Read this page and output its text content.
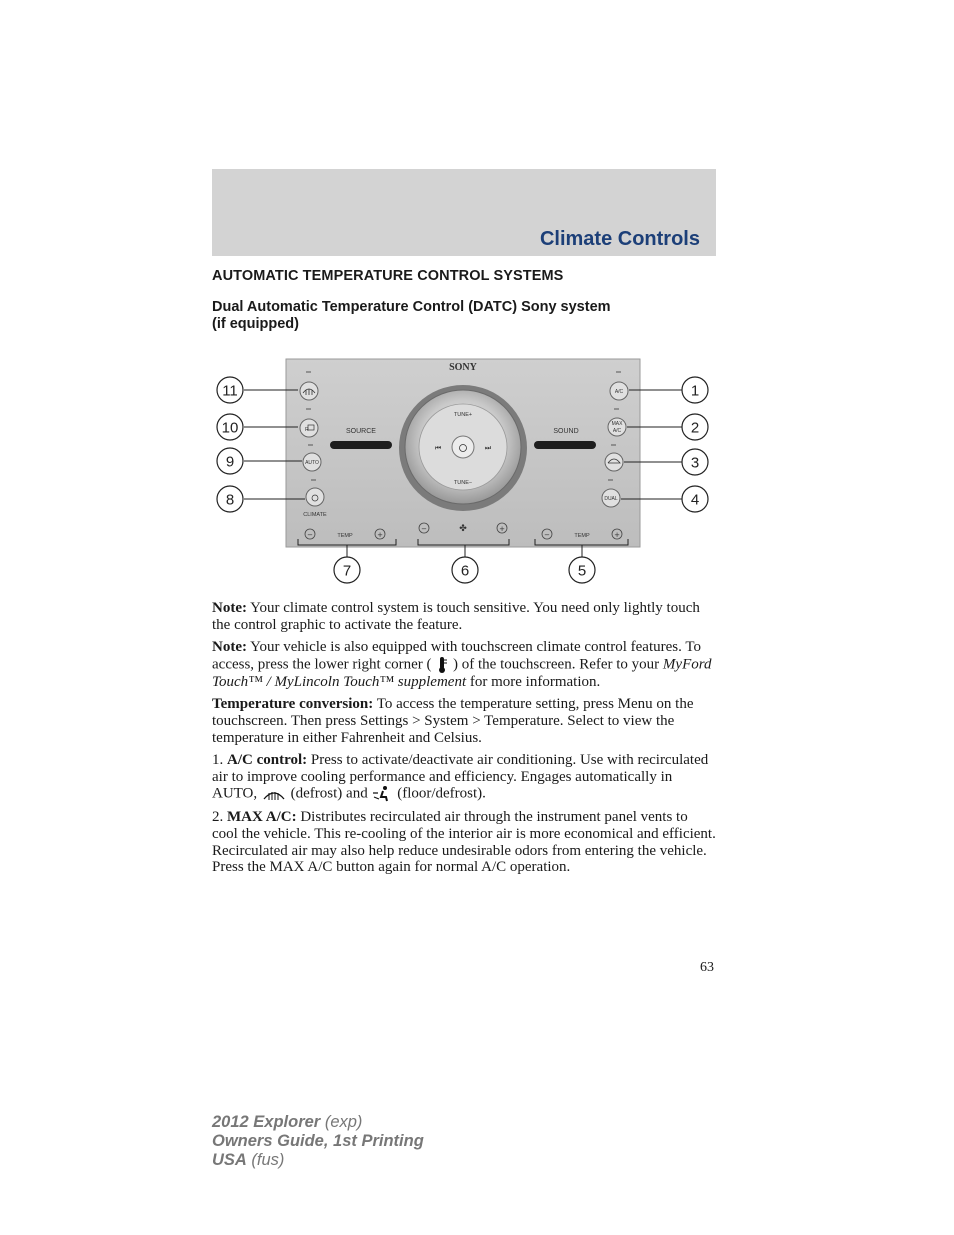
Climate Controls
AUTOMATIC TEMPERATURE CONTROL SYSTEMS
Dual Automatic Temperature Control (DATC) Sony system
(if equipped)
SONY
R
AUTO
CLIMATE
A/C
MAX
A/C
DUAL
SOURCE	SOUND
TUNE+
TUNE−
⏮	⏭
−	✤	+
−	TEMP	+	−	TEMP	+
1
2
3
4
5
6
7
8
9
10
11

Note: Your climate control system is touch sensitive. You need only lightly touch the control graphic to activate the feature.

Note: Your vehicle is also equipped with touchscreen climate control features. To access, press the lower right corner ( ) of the touchscreen. Refer to your MyFord Touch™ / MyLincoln Touch™ supplement for more information.

Temperature conversion: To access the temperature setting, press Menu on the touchscreen. Then press Settings > System > Temperature. Select to view the temperature in either Fahrenheit and Celsius.

1. A/C control: Press to activate/deactivate air conditioning. Use with recirculated air to improve cooling performance and efficiency. Engages automatically in AUTO,  (defrost) and  (floor/defrost).

2. MAX A/C: Distributes recirculated air through the instrument panel vents to cool the vehicle. This re-cooling of the interior air is more economical and efficient. Recirculated air may also help reduce undesirable odors from entering the vehicle. Press the MAX A/C button again for normal A/C operation.

63
2012 Explorer (exp)
Owners Guide, 1st Printing
USA (fus)
